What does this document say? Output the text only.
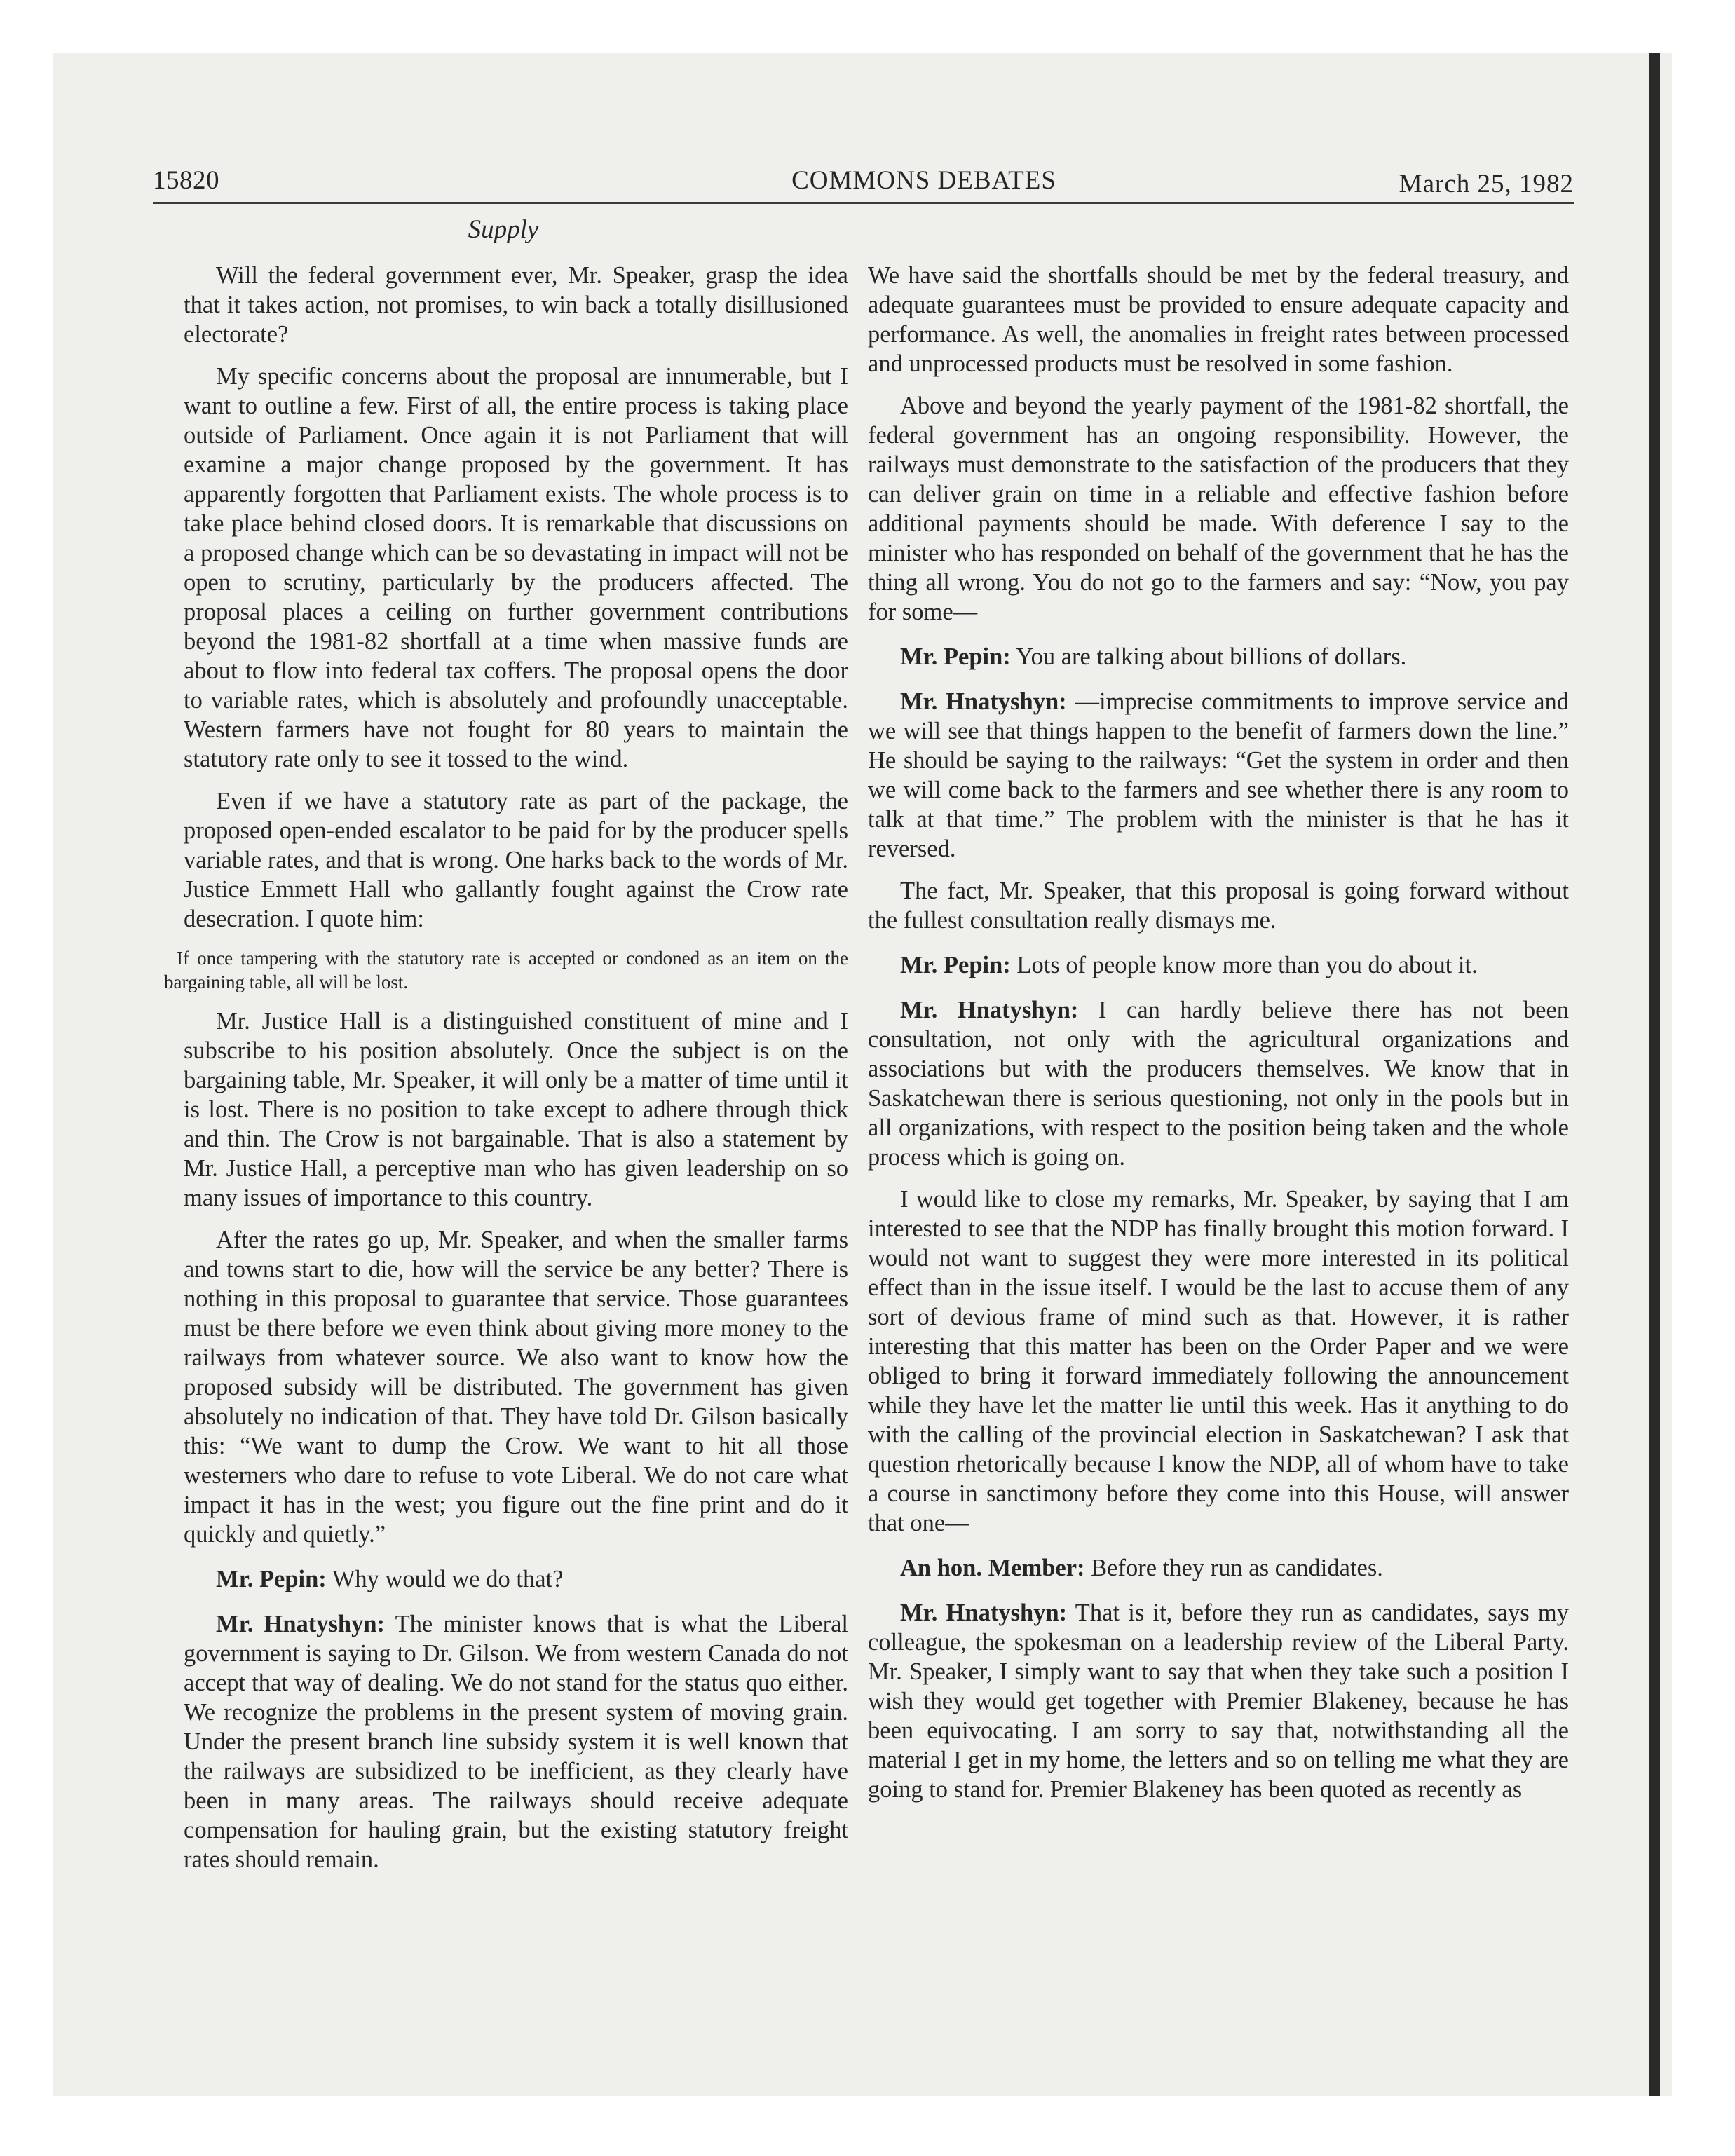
15820	COMMONS DEBATES	March 25, 1982
Supply

Will the federal government ever, Mr. Speaker, grasp the idea that it takes action, not promises, to win back a totally disillusioned electorate?

My specific concerns about the proposal are innumerable, but I want to outline a few. First of all, the entire process is taking place outside of Parliament. Once again it is not Parliament that will examine a major change proposed by the government. It has apparently forgotten that Parliament exists. The whole process is to take place behind closed doors. It is remarkable that discussions on a proposed change which can be so devastating in impact will not be open to scrutiny, particularly by the producers affected. The proposal places a ceiling on further government contributions beyond the 1981-82 shortfall at a time when massive funds are about to flow into federal tax coffers. The proposal opens the door to variable rates, which is absolutely and profoundly unacceptable. Western farmers have not fought for 80 years to maintain the statutory rate only to see it tossed to the wind.

Even if we have a statutory rate as part of the package, the proposed open-ended escalator to be paid for by the producer spells variable rates, and that is wrong. One harks back to the words of Mr. Justice Emmett Hall who gallantly fought against the Crow rate desecration. I quote him:

If once tampering with the statutory rate is accepted or condoned as an item on the bargaining table, all will be lost.

Mr. Justice Hall is a distinguished constituent of mine and I subscribe to his position absolutely. Once the subject is on the bargaining table, Mr. Speaker, it will only be a matter of time until it is lost. There is no position to take except to adhere through thick and thin. The Crow is not bargainable. That is also a statement by Mr. Justice Hall, a perceptive man who has given leadership on so many issues of importance to this country.

After the rates go up, Mr. Speaker, and when the smaller farms and towns start to die, how will the service be any better? There is nothing in this proposal to guarantee that service. Those guarantees must be there before we even think about giving more money to the railways from whatever source. We also want to know how the proposed subsidy will be distributed. The government has given absolutely no indication of that. They have told Dr. Gilson basically this: “We want to dump the Crow. We want to hit all those westerners who dare to refuse to vote Liberal. We do not care what impact it has in the west; you figure out the fine print and do it quickly and quietly.”

Mr. Pepin: Why would we do that?

Mr. Hnatyshyn: The minister knows that is what the Liberal government is saying to Dr. Gilson. We from western Canada do not accept that way of dealing. We do not stand for the status quo either. We recognize the problems in the present system of moving grain. Under the present branch line subsidy system it is well known that the railways are subsidized to be inefficient, as they clearly have been in many areas. The railways should receive adequate compensation for hauling grain, but the existing statutory freight rates should remain.

We have said the shortfalls should be met by the federal treasury, and adequate guarantees must be provided to ensure adequate capacity and performance. As well, the anomalies in freight rates between processed and unprocessed products must be resolved in some fashion.

Above and beyond the yearly payment of the 1981-82 shortfall, the federal government has an ongoing responsibility. However, the railways must demonstrate to the satisfaction of the producers that they can deliver grain on time in a reliable and effective fashion before additional payments should be made. With deference I say to the minister who has responded on behalf of the government that he has the thing all wrong. You do not go to the farmers and say: “Now, you pay for some—

Mr. Pepin: You are talking about billions of dollars.

Mr. Hnatyshyn: —imprecise commitments to improve service and we will see that things happen to the benefit of farmers down the line.” He should be saying to the railways: “Get the system in order and then we will come back to the farmers and see whether there is any room to talk at that time.” The problem with the minister is that he has it reversed.

The fact, Mr. Speaker, that this proposal is going forward without the fullest consultation really dismays me.

Mr. Pepin: Lots of people know more than you do about it.

Mr. Hnatyshyn: I can hardly believe there has not been consultation, not only with the agricultural organizations and associations but with the producers themselves. We know that in Saskatchewan there is serious questioning, not only in the pools but in all organizations, with respect to the position being taken and the whole process which is going on.

I would like to close my remarks, Mr. Speaker, by saying that I am interested to see that the NDP has finally brought this motion forward. I would not want to suggest they were more interested in its political effect than in the issue itself. I would be the last to accuse them of any sort of devious frame of mind such as that. However, it is rather interesting that this matter has been on the Order Paper and we were obliged to bring it forward immediately following the announcement while they have let the matter lie until this week. Has it anything to do with the calling of the provincial election in Saskatchewan? I ask that question rhetorically because I know the NDP, all of whom have to take a course in sanctimony before they come into this House, will answer that one—

An hon. Member: Before they run as candidates.

Mr. Hnatyshyn: That is it, before they run as candidates, says my colleague, the spokesman on a leadership review of the Liberal Party. Mr. Speaker, I simply want to say that when they take such a position I wish they would get together with Premier Blakeney, because he has been equivocating. I am sorry to say that, notwithstanding all the material I get in my home, the letters and so on telling me what they are going to stand for. Premier Blakeney has been quoted as recently as
